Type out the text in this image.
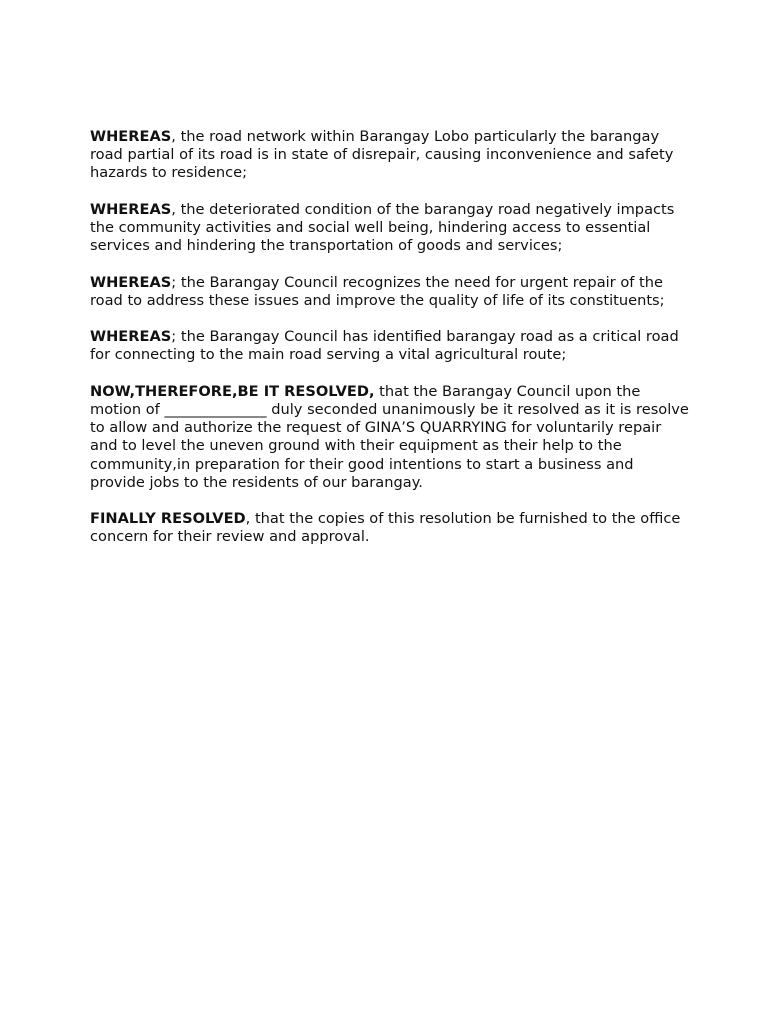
WHEREAS, the road network within Barangay Lobo particularly the barangay road partial of its road is in state of disrepair, causing inconvenience and safety hazards to residence;

WHEREAS, the deteriorated condition of the barangay road negatively impacts the community activities and social well being, hindering access to essential services and hindering the transportation of goods and services;

WHEREAS; the Barangay Council recognizes the need for urgent repair of the road to address these issues and improve the quality of life of its constituents;

WHEREAS; the Barangay Council has identified barangay road as a critical road for connecting to the main road serving a vital agricultural route;

NOW,THEREFORE,BE IT RESOLVED, that the Barangay Council upon the motion of ______________ duly seconded unanimously be it resolved as it is resolve to allow and authorize the request of GINA’S QUARRYING for voluntarily repair and to level the uneven ground with their equipment as their help to the community,in preparation for their good intentions to start a business and provide jobs to the residents of our barangay.

FINALLY RESOLVED, that the copies of this resolution be furnished to the office concern for their review and approval.
